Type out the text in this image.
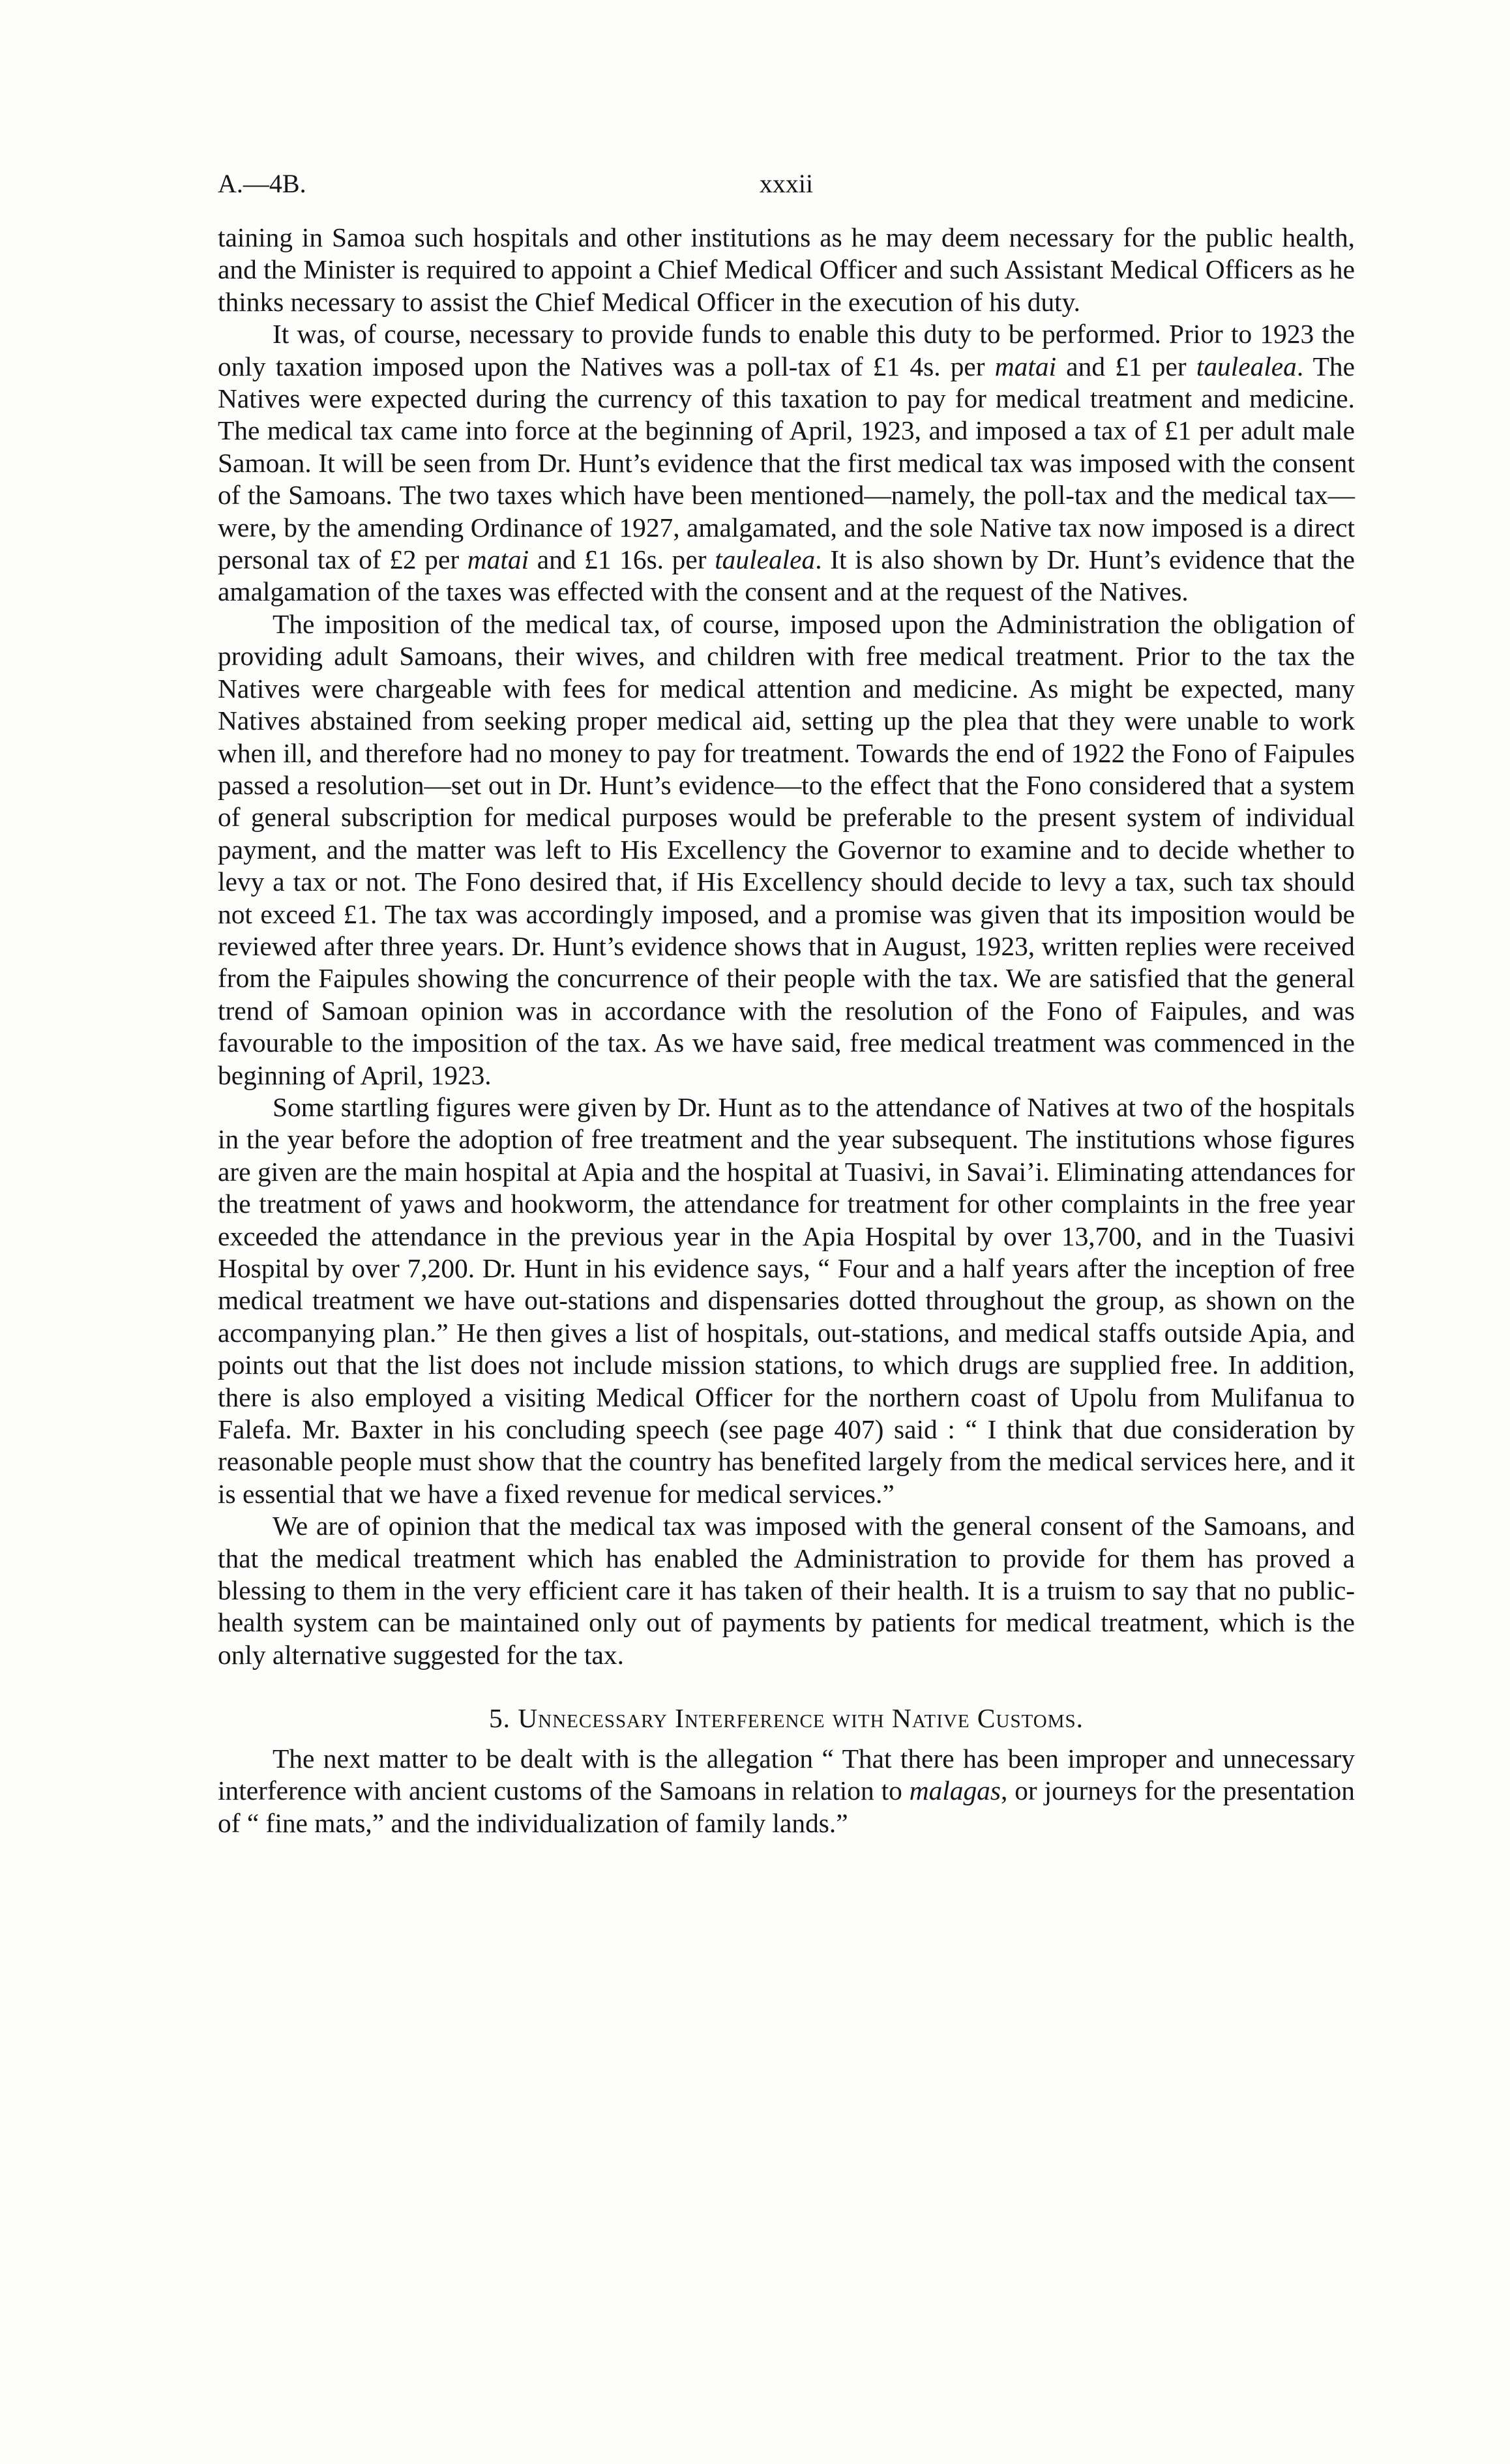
A.—4B.	xxxii

taining in Samoa such hospitals and other institutions as he may deem necessary for the public health, and the Minister is required to appoint a Chief Medical Officer and such Assistant Medical Officers as he thinks necessary to assist the Chief Medical Officer in the execution of his duty.

It was, of course, necessary to provide funds to enable this duty to be performed. Prior to 1923 the only taxation imposed upon the Natives was a poll-tax of £1 4s. per matai and £1 per taulealea. The Natives were expected during the currency of this taxation to pay for medical treatment and medicine. The medical tax came into force at the beginning of April, 1923, and imposed a tax of £1 per adult male Samoan. It will be seen from Dr. Hunt’s evidence that the first medical tax was imposed with the consent of the Samoans. The two taxes which have been mentioned—namely, the poll-tax and the medical tax—were, by the amending Ordinance of 1927, amalgamated, and the sole Native tax now imposed is a direct personal tax of £2 per matai and £1 16s. per taulealea. It is also shown by Dr. Hunt’s evidence that the amalgamation of the taxes was effected with the consent and at the request of the Natives.

The imposition of the medical tax, of course, imposed upon the Administration the obligation of providing adult Samoans, their wives, and children with free medical treatment. Prior to the tax the Natives were chargeable with fees for medical attention and medicine. As might be expected, many Natives abstained from seeking proper medical aid, setting up the plea that they were unable to work when ill, and therefore had no money to pay for treatment. Towards the end of 1922 the Fono of Faipules passed a resolution—set out in Dr. Hunt’s evidence—to the effect that the Fono considered that a system of general subscription for medical purposes would be preferable to the present system of individual payment, and the matter was left to His Excellency the Governor to examine and to decide whether to levy a tax or not. The Fono desired that, if His Excellency should decide to levy a tax, such tax should not exceed £1. The tax was accordingly imposed, and a promise was given that its imposition would be reviewed after three years. Dr. Hunt’s evidence shows that in August, 1923, written replies were received from the Faipules showing the concurrence of their people with the tax. We are satisfied that the general trend of Samoan opinion was in accordance with the resolution of the Fono of Faipules, and was favourable to the imposition of the tax. As we have said, free medical treatment was commenced in the beginning of April, 1923.

Some startling figures were given by Dr. Hunt as to the attendance of Natives at two of the hospitals in the year before the adoption of free treatment and the year subsequent. The institutions whose figures are given are the main hospital at Apia and the hospital at Tuasivi, in Savai’i. Eliminating attendances for the treatment of yaws and hookworm, the attendance for treatment for other complaints in the free year exceeded the attendance in the previous year in the Apia Hospital by over 13,700, and in the Tuasivi Hospital by over 7,200. Dr. Hunt in his evidence says, “ Four and a half years after the inception of free medical treatment we have out-stations and dispensaries dotted throughout the group, as shown on the accompanying plan.” He then gives a list of hospitals, out-stations, and medical staffs outside Apia, and points out that the list does not include mission stations, to which drugs are supplied free. In addition, there is also employed a visiting Medical Officer for the northern coast of Upolu from Mulifanua to Falefa. Mr. Baxter in his concluding speech (see page 407) said : “ I think that due consideration by reasonable people must show that the country has benefited largely from the medical services here, and it is essential that we have a fixed revenue for medical services.”

We are of opinion that the medical tax was imposed with the general consent of the Samoans, and that the medical treatment which has enabled the Administration to provide for them has proved a blessing to them in the very efficient care it has taken of their health. It is a truism to say that no public-health system can be maintained only out of payments by patients for medical treatment, which is the only alternative suggested for the tax.

5. Unnecessary Interference with Native Customs.

The next matter to be dealt with is the allegation “ That there has been improper and unnecessary interference with ancient customs of the Samoans in relation to malagas, or journeys for the presentation of “ fine mats,” and the individualization of family lands.”
